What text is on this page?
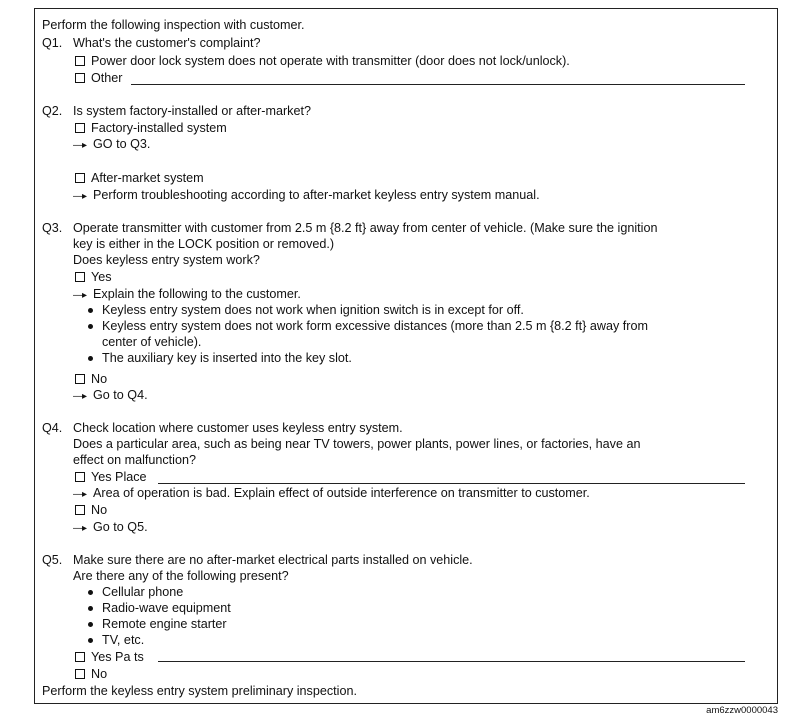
Perform the following inspection with customer.
Q1. What's the customer's complaint?
Power door lock system does not operate with transmitter (door does not lock/unlock).
Other
Q2. Is system factory-installed or after-market?
Factory-installed system
—▸ GO to Q3.
After-market system
—▸ Perform troubleshooting according to after-market keyless entry system manual.
Q3. Operate transmitter with customer from 2.5 m {8.2 ft} away from center of vehicle. (Make sure the ignition
key is either in the LOCK position or removed.)
Does keyless entry system work?
Yes
—▸ Explain the following to the customer.
Keyless entry system does not work when ignition switch is in except for off.
Keyless entry system does not work form excessive distances (more than 2.5 m {8.2 ft} away from
center of vehicle).
The auxiliary key is inserted into the key slot.
No
—▸ Go to Q4.
Q4. Check location where customer uses keyless entry system.
Does a particular area, such as being near TV towers, power plants, power lines, or factories, have an
effect on malfunction?
Yes Place
—▸ Area of operation is bad. Explain effect of outside interference on transmitter to customer.
No
—▸ Go to Q5.
Q5. Make sure there are no after-market electrical parts installed on vehicle.
Are there any of the following present?
Cellular phone
Radio-wave equipment
Remote engine starter
TV, etc.
Yes Pa ts
No
Perform the keyless entry system preliminary inspection.
am6zzw0000043
